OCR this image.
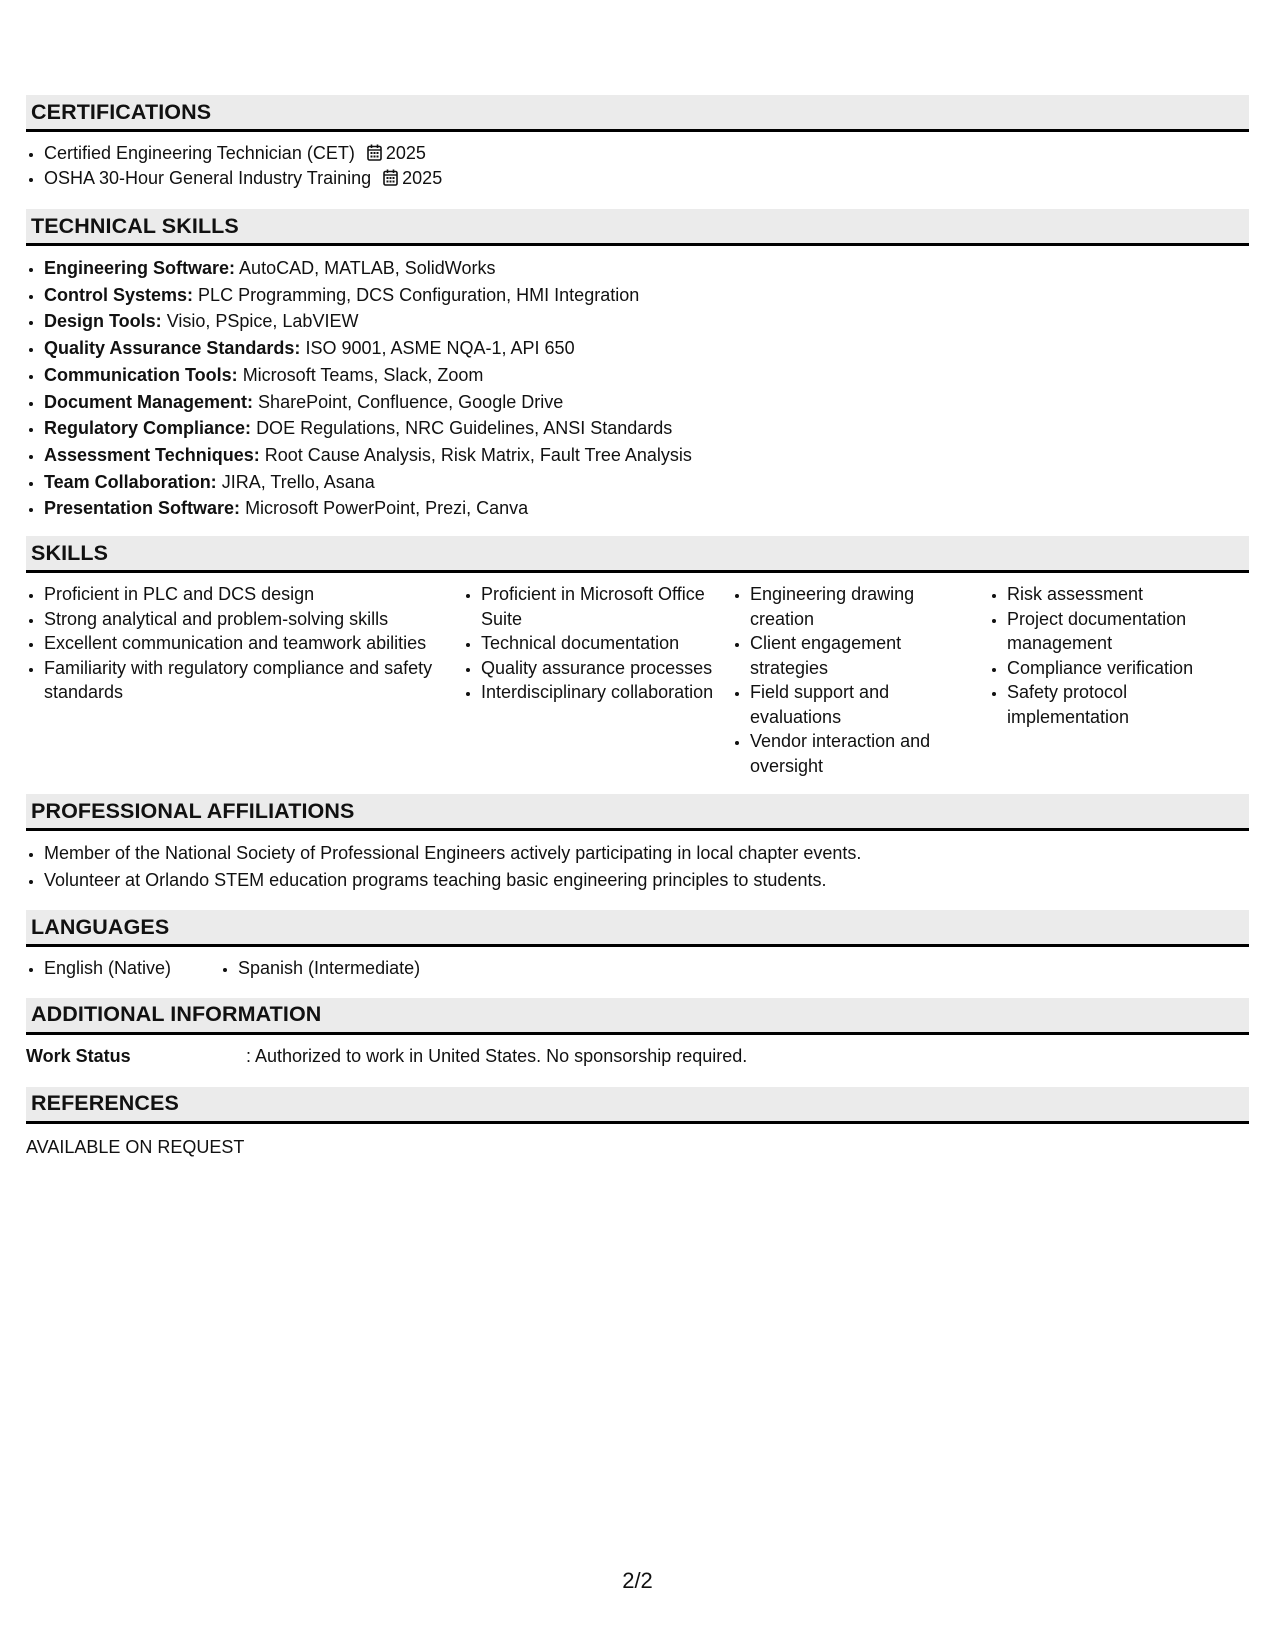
CERTIFICATIONS
• Certified Engineering Technician (CET) 2025
• OSHA 30-Hour General Industry Training 2025
TECHNICAL SKILLS
• Engineering Software: AutoCAD, MATLAB, SolidWorks
• Control Systems: PLC Programming, DCS Configuration, HMI Integration
• Design Tools: Visio, PSpice, LabVIEW
• Quality Assurance Standards: ISO 9001, ASME NQA-1, API 650
• Communication Tools: Microsoft Teams, Slack, Zoom
• Document Management: SharePoint, Confluence, Google Drive
• Regulatory Compliance: DOE Regulations, NRC Guidelines, ANSI Standards
• Assessment Techniques: Root Cause Analysis, Risk Matrix, Fault Tree Analysis
• Team Collaboration: JIRA, Trello, Asana
• Presentation Software: Microsoft PowerPoint, Prezi, Canva
SKILLS
• Proficient in PLC and DCS design
• Strong analytical and problem-solving skills
• Excellent communication and teamwork abilities
• Familiarity with regulatory compliance and safety standards
• Proficient in Microsoft Office Suite
• Technical documentation
• Quality assurance processes
• Interdisciplinary collaboration
• Engineering drawing creation
• Client engagement strategies
• Field support and evaluations
• Vendor interaction and oversight
• Risk assessment
• Project documentation management
• Compliance verification
• Safety protocol implementation
PROFESSIONAL AFFILIATIONS
• Member of the National Society of Professional Engineers actively participating in local chapter events.
• Volunteer at Orlando STEM education programs teaching basic engineering principles to students.
LANGUAGES
• English (Native)
•	Spanish (Intermediate)
ADDITIONAL INFORMATION
Work Status	: Authorized to work in United States. No sponsorship required.
REFERENCES
AVAILABLE ON REQUEST
2/2
